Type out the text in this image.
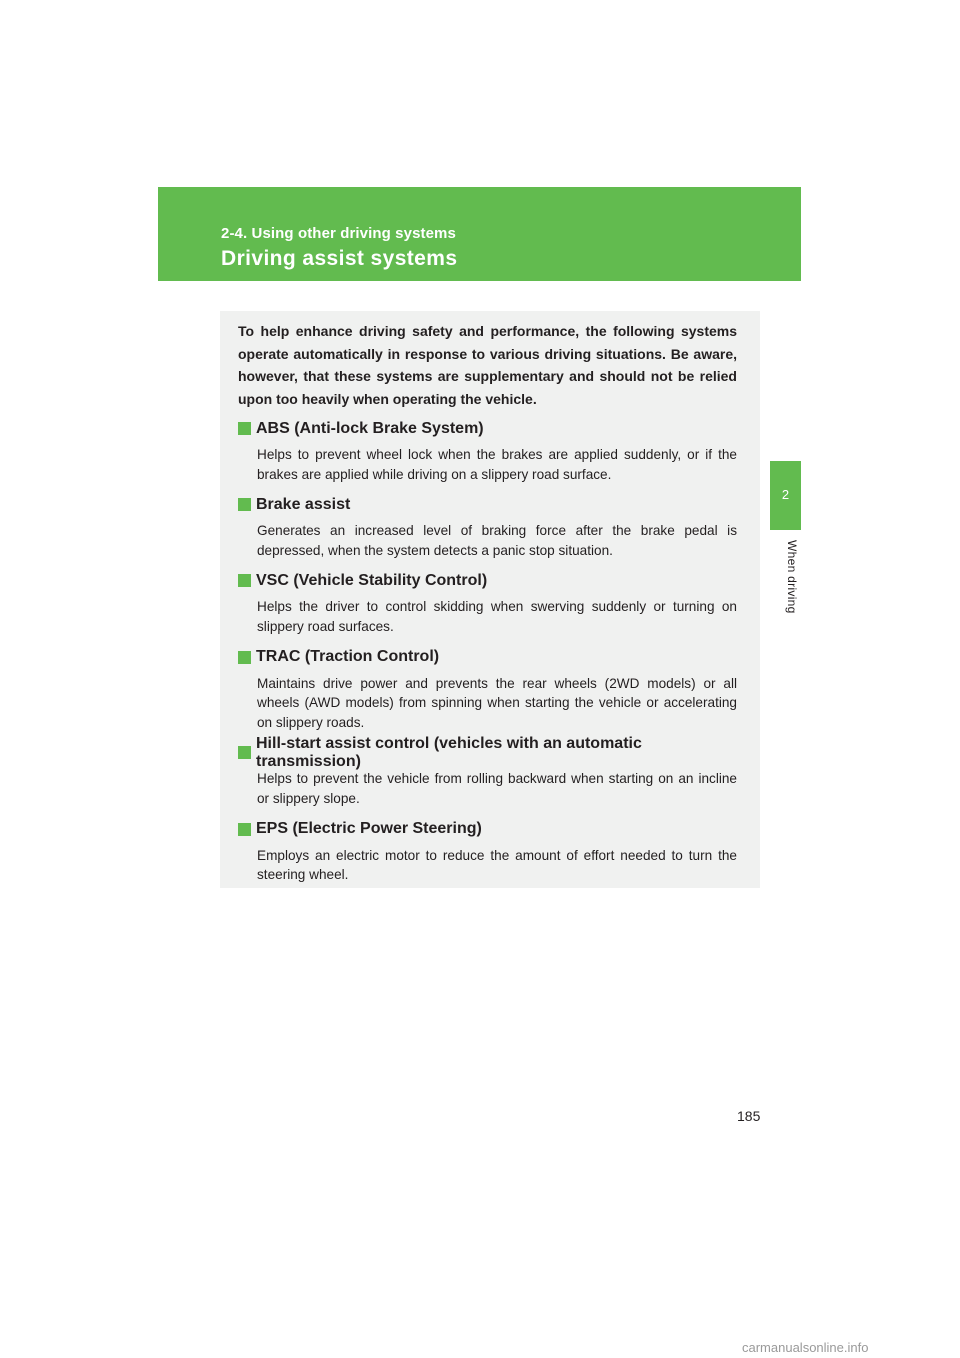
2-4. Using other driving systems
Driving assist systems
2
When driving
To help enhance driving safety and performance, the following systems operate automatically in response to various driving situations. Be aware, however, that these systems are supplementary and should not be relied upon too heavily when operating the vehicle.
ABS (Anti-lock Brake System)
Helps to prevent wheel lock when the brakes are applied suddenly, or if the brakes are applied while driving on a slippery road surface.
Brake assist
Generates an increased level of braking force after the brake pedal is depressed, when the system detects a panic stop situation.
VSC (Vehicle Stability Control)
Helps the driver to control skidding when swerving suddenly or turning on slippery road surfaces.
TRAC (Traction Control)
Maintains drive power and prevents the rear wheels (2WD models) or all wheels (AWD models) from spinning when starting the vehicle or accelerating on slippery roads.
Hill-start assist control (vehicles with an automatic transmission)
Helps to prevent the vehicle from rolling backward when starting on an incline or slippery slope.
EPS (Electric Power Steering)
Employs an electric motor to reduce the amount of effort needed to turn the steering wheel.
185
carmanualsonline.info
